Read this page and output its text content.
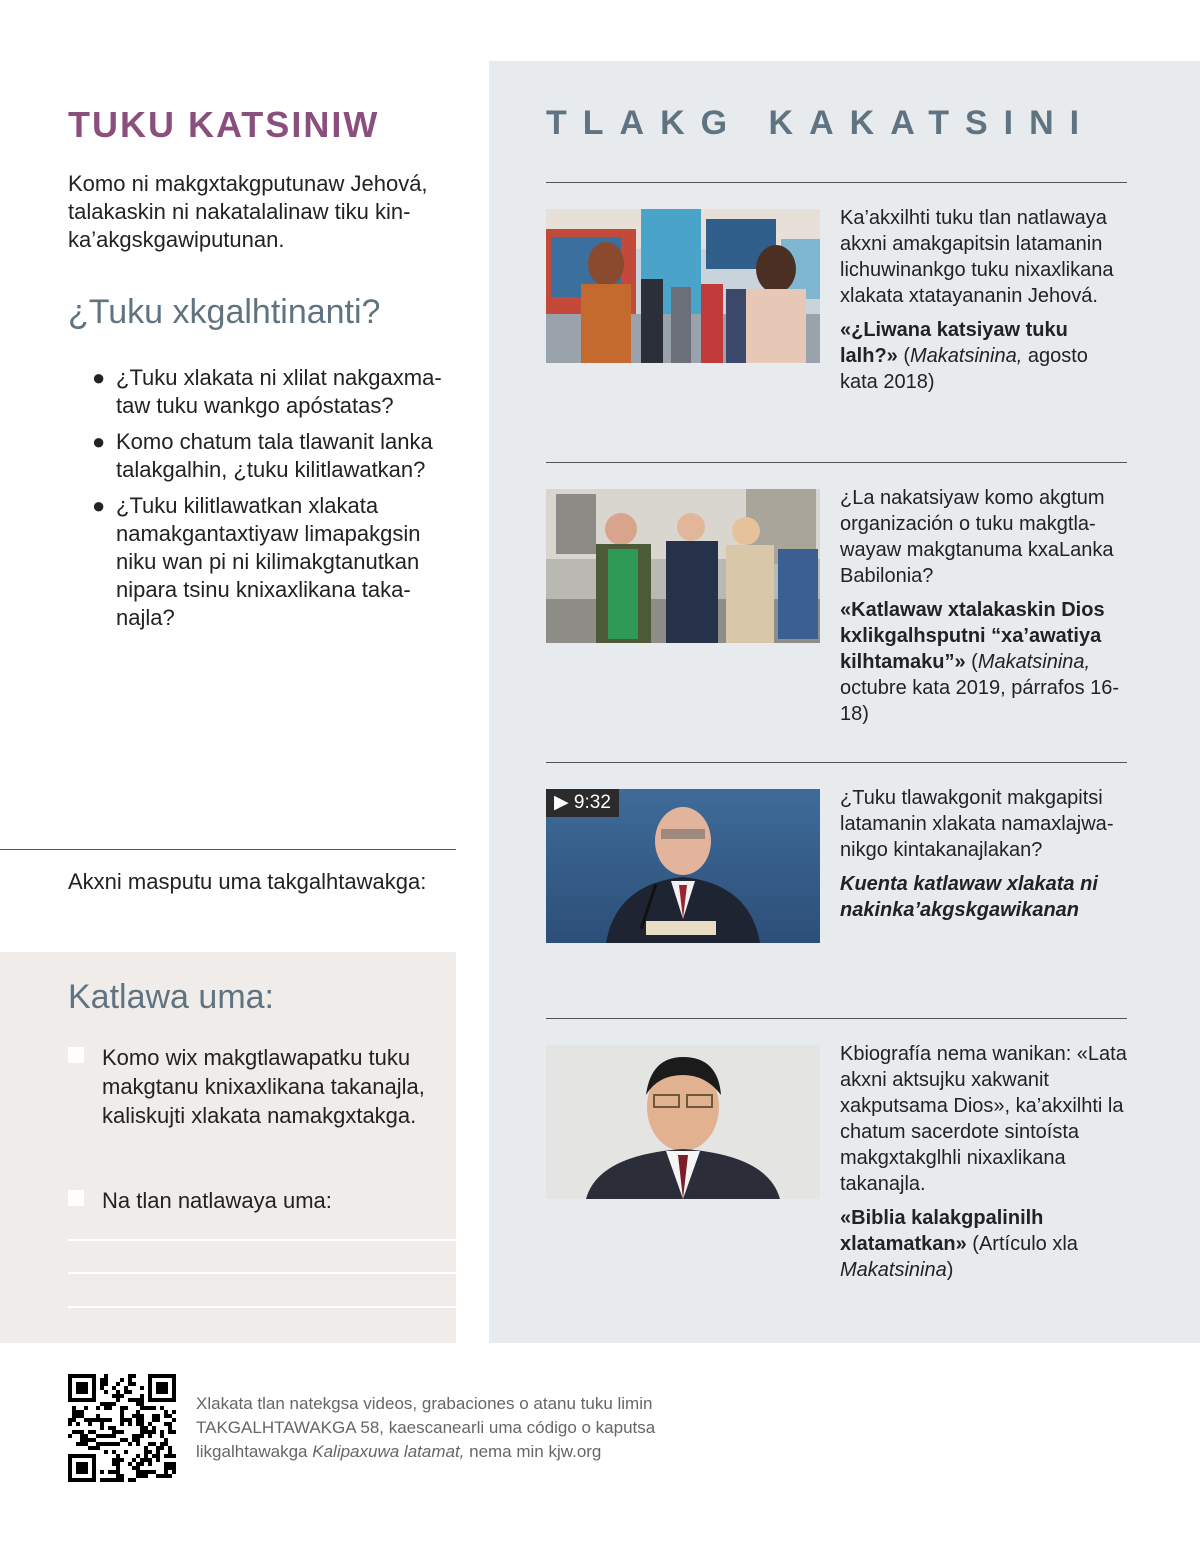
TUKU KATSINIW

Komo ni makgxtakgputunaw Jehová, talakaskin ni nakatalalinaw tiku kinka’akgskgawiputunan.

¿Tuku xkgalhtinanti?
● ¿Tuku xlakata ni xlilat nakgaxmataw tuku wankgo apóstatas?
● Komo chatum tala tlawanit lanka talakgalhin, ¿tuku kilitlawatkan?
● ¿Tuku kilitlawatkan xlakata namakgantaxtiyaw limapakgsin niku wan pi ni kilimakgtanutkan nipara tsinu knixaxlikana takanajla?

Akxni masputu uma takgalhtawakga:

Katlawa uma:
Komo wix makgtlawapatku tuku makgtanu knixaxlikana takanajla, kaliskujti xlakata namakgxtakga.
Na tlan natlawaya uma:
TLAKG KAKATSINI

Ka’akxilhti tuku tlan natlawaya akxni amakgapitsin latamanin lichuwinankgo tuku nixaxlikana xlakata xtatayananin Jehová.

«¿Liwana katsiyaw tuku lalh?» (Makatsinina, agosto kata 2018)

¿La nakatsiyaw komo akgtum organización o tuku makgtlawayaw makgtanuma kxaLanka Babilonia?

«Katlawaw xtalakaskin Dios kxlikgalhsputni “xa’awatiya kilhtamaku”» (Makatsinina, octubre kata 2019, párrafos 16-18)
▶ 9:32	¿Tuku tlawakgonit makgapitsi latamanin xlakata namaxlajwanikgo kintakanajlakan?

Kuenta katlawaw xlakata ni nakinka’akgskgawikanan

Kbiografía nema wanikan: «Lata akxni aktsujku xakwanit xakputsama Dios», ka’akxilhti la chatum sacerdote sintoísta makgxtakglhli nixaxlikana takanajla.

«Biblia kalakgpalinilh xlatamatkan» (Artículo xla Makatsinina)

Xlakata tlan natekgsa videos, grabaciones o atanu tuku limin TAKGALHTAWAKGA 58, kaescanearli uma código o kaputsa likgalhtawakga Kalipaxuwa latamat, nema min kjw.org
